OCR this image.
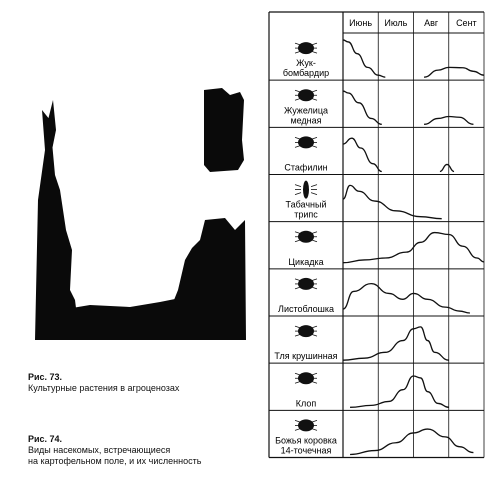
Рис. 73.
Культурные растения в агроценозах
Рис. 74.
Виды насекомых, встречающиеся
на картофельном поле, и их численность
Июнь Июль Авг Сент
Жук-
бомбардир
Жужелица
медная
Стафилин
Табачный
трипс
Цикадка
Листоблошка
Тля крушинная
Клоп
Божья коровка
14-точечная
